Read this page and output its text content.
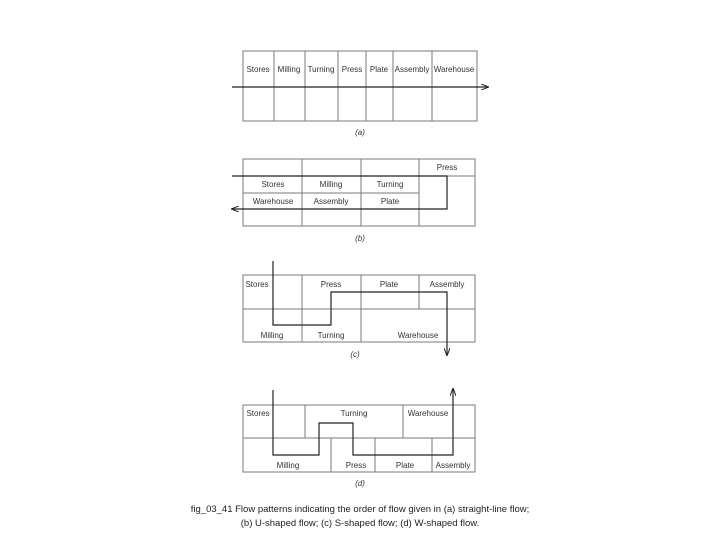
Stores Milling Turning Press Plate Assembly Warehouse
(a)
Press
Stores	Milling	Turning
Warehouse	Assembly	Plate
(b)
Stores	Press	Plate	Assembly
Milling	Turning	Warehouse
(c)
Stores	Turning	Warehouse
Milling	Press	Plate	Assembly
(d)
fig_03_41 Flow patterns indicating the order of flow given in (a) straight-line flow;
(b) U-shaped flow; (c) S-shaped flow; (d) W-shaped flow.
